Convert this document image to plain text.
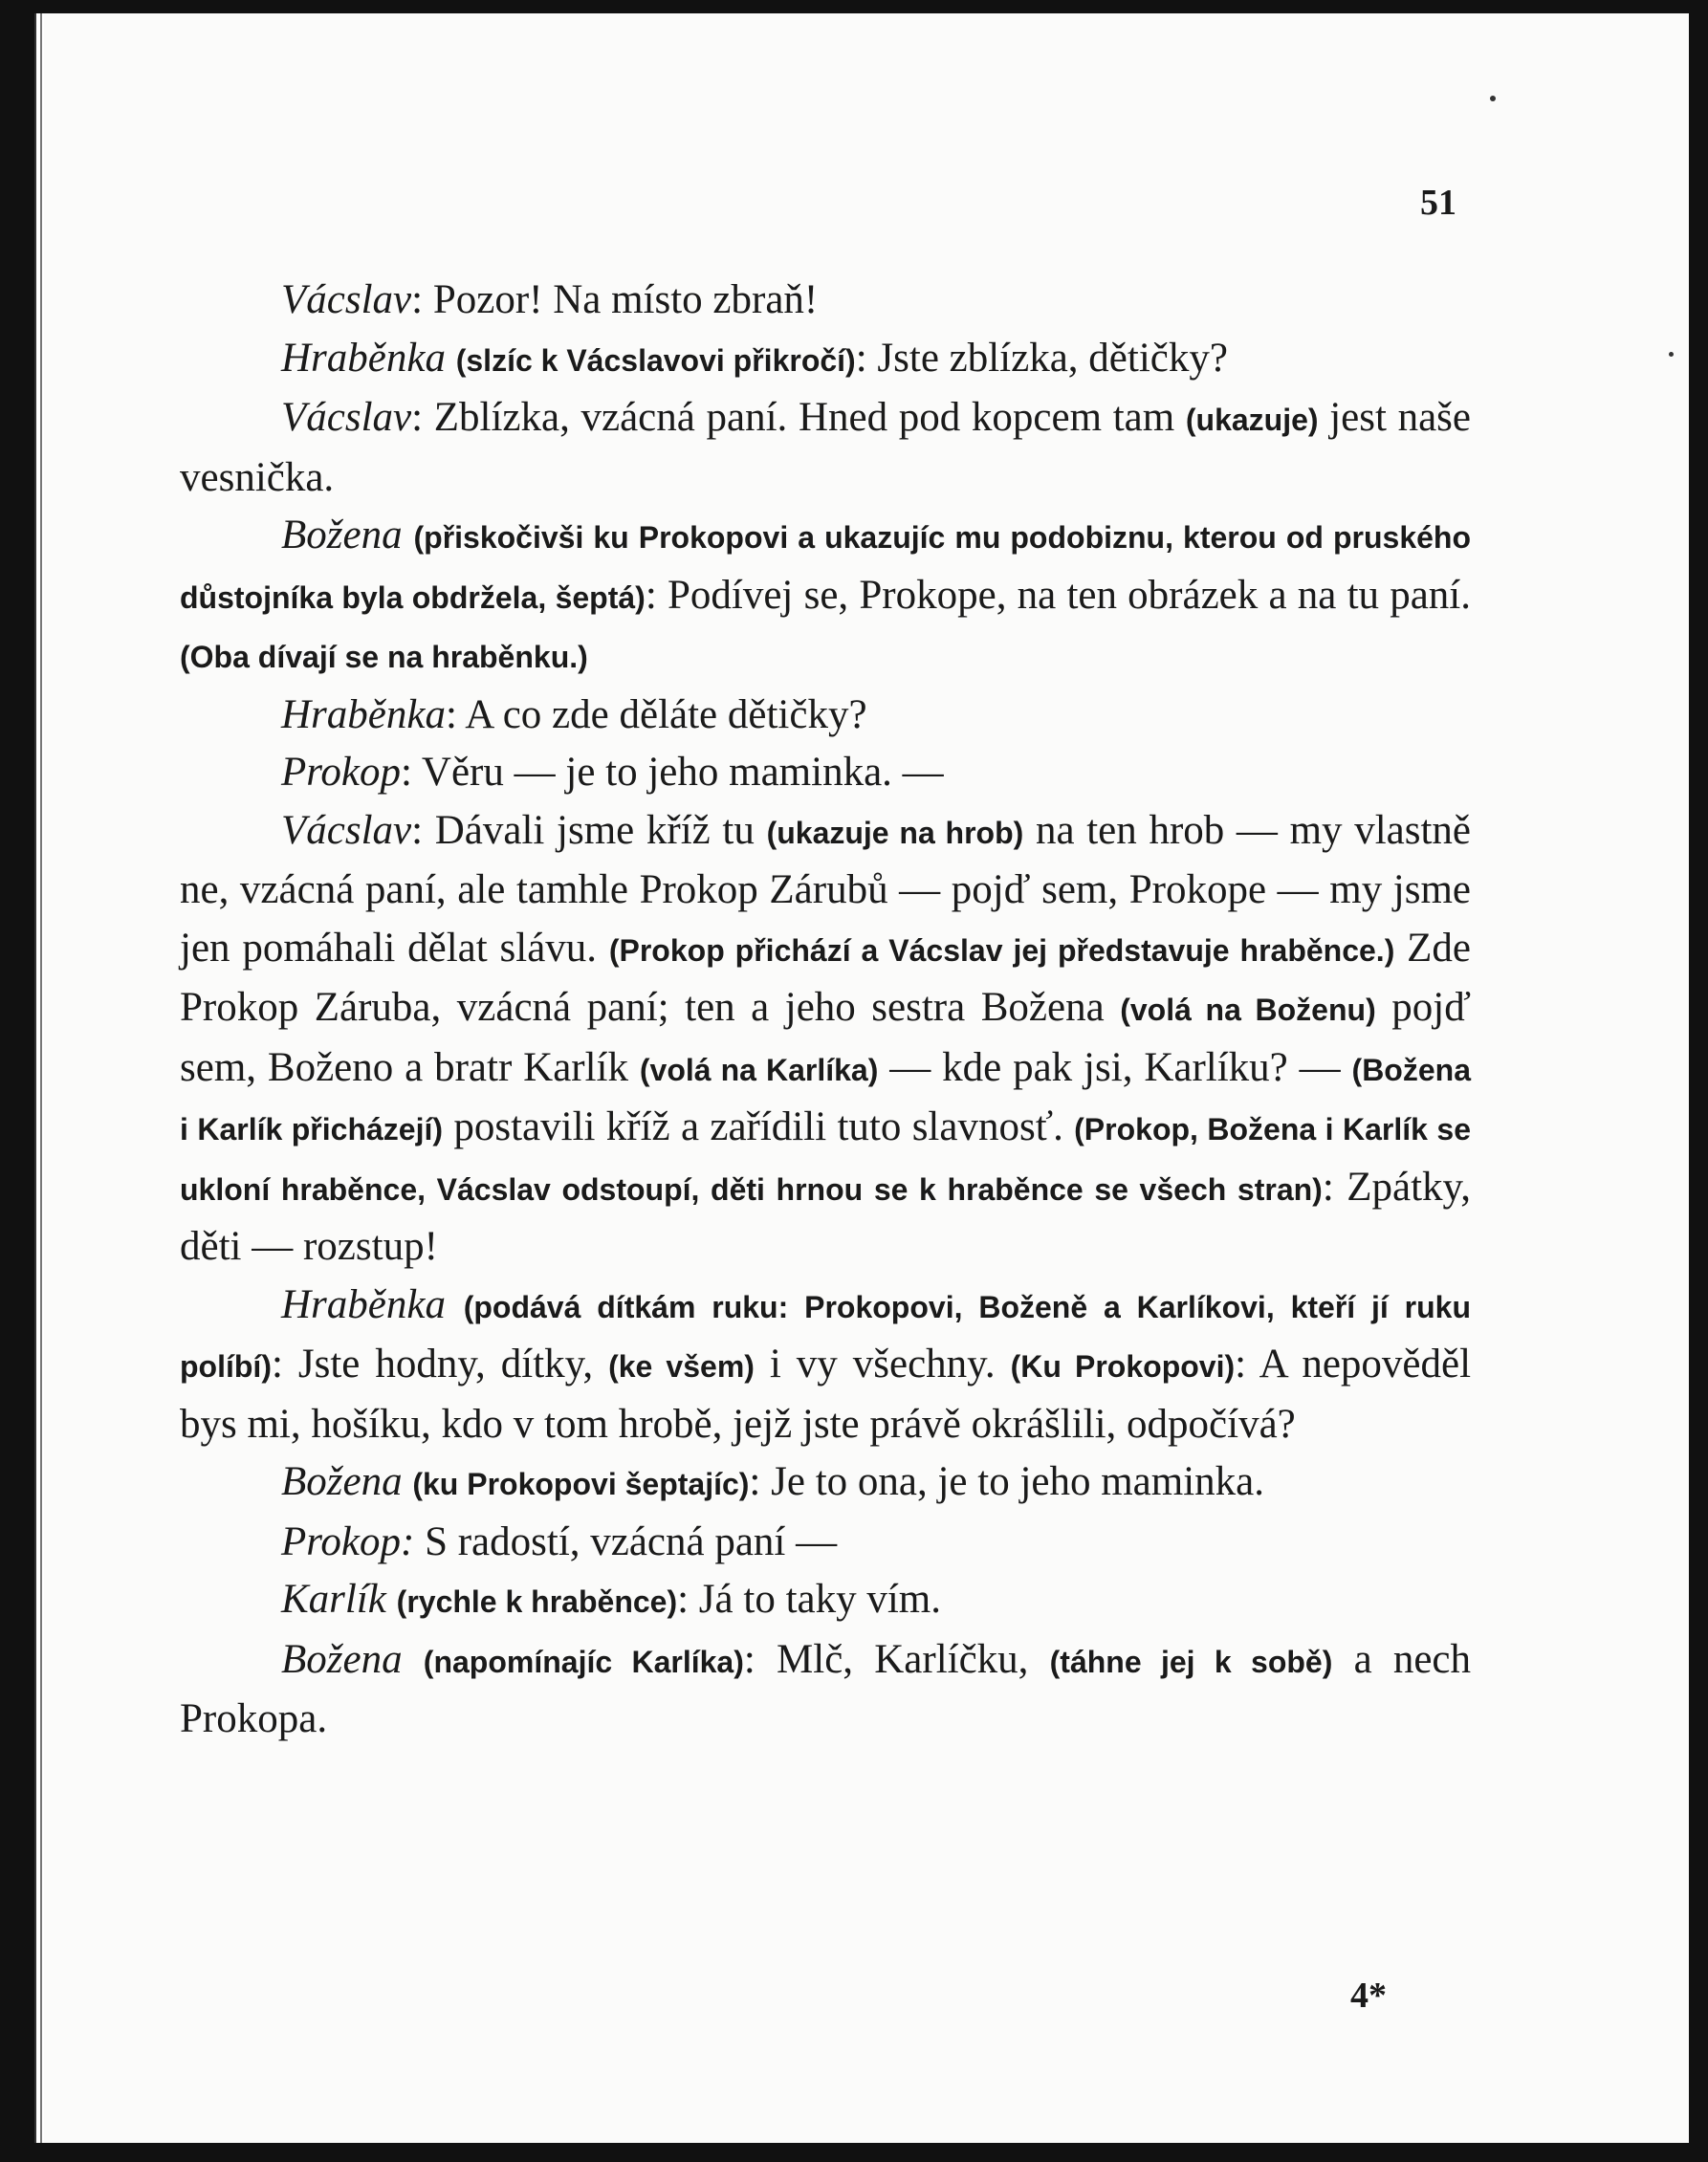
51

Vácslav: Pozor! Na místo zbraň!

Hraběnka (slzíc k Vácslavovi přikročí): Jste zblízka, dětičky?

Vácslav: Zblízka, vzácná paní. Hned pod kopcem tam (ukazuje) jest naše vesnička.

Božena (přiskočivši ku Prokopovi a ukazujíc mu podobiznu, kterou od pruského důstojníka byla obdržela, šeptá): Podívej se, Prokope, na ten obrázek a na tu paní. (Oba dívají se na hraběnku.)

Hraběnka: A co zde děláte dětičky?

Prokop: Věru — je to jeho maminka. —

Vácslav: Dávali jsme kříž tu (ukazuje na hrob) na ten hrob — my vlastně ne, vzácná paní, ale tamhle Prokop Zárubů — pojď sem, Prokope — my jsme jen pomáhali dělat slávu. (Prokop přichází a Vácslav jej představuje hraběnce.) Zde Prokop Záruba, vzácná paní; ten a jeho sestra Božena (volá na Boženu) pojď sem, Boženo a bratr Karlík (volá na Karlíka) — kde pak jsi, Karlíku? — (Božena i Karlík přicházejí) postavili kříž a zařídili tuto slavnosť. (Prokop, Božena i Karlík se ukloní hraběnce, Vácslav odstoupí, děti hrnou se k hraběnce se všech stran): Zpátky, děti — rozstup!

Hraběnka (podává dítkám ruku: Prokopovi, Boženě a Karlíkovi, kteří jí ruku políbí): Jste hodny, dítky, (ke všem) i vy všechny. (Ku Prokopovi): A nepověděl bys mi, hošíku, kdo v tom hrobě, jejž jste právě okrášlili, odpočívá?

Božena (ku Prokopovi šeptajíc): Je to ona, je to jeho maminka.

Prokop: S radostí, vzácná paní —

Karlík (rychle k hraběnce): Já to taky vím.

Božena (napomínajíc Karlíka): Mlč, Karlíčku, (táhne jej k sobě) a nech Prokopa.

4*
